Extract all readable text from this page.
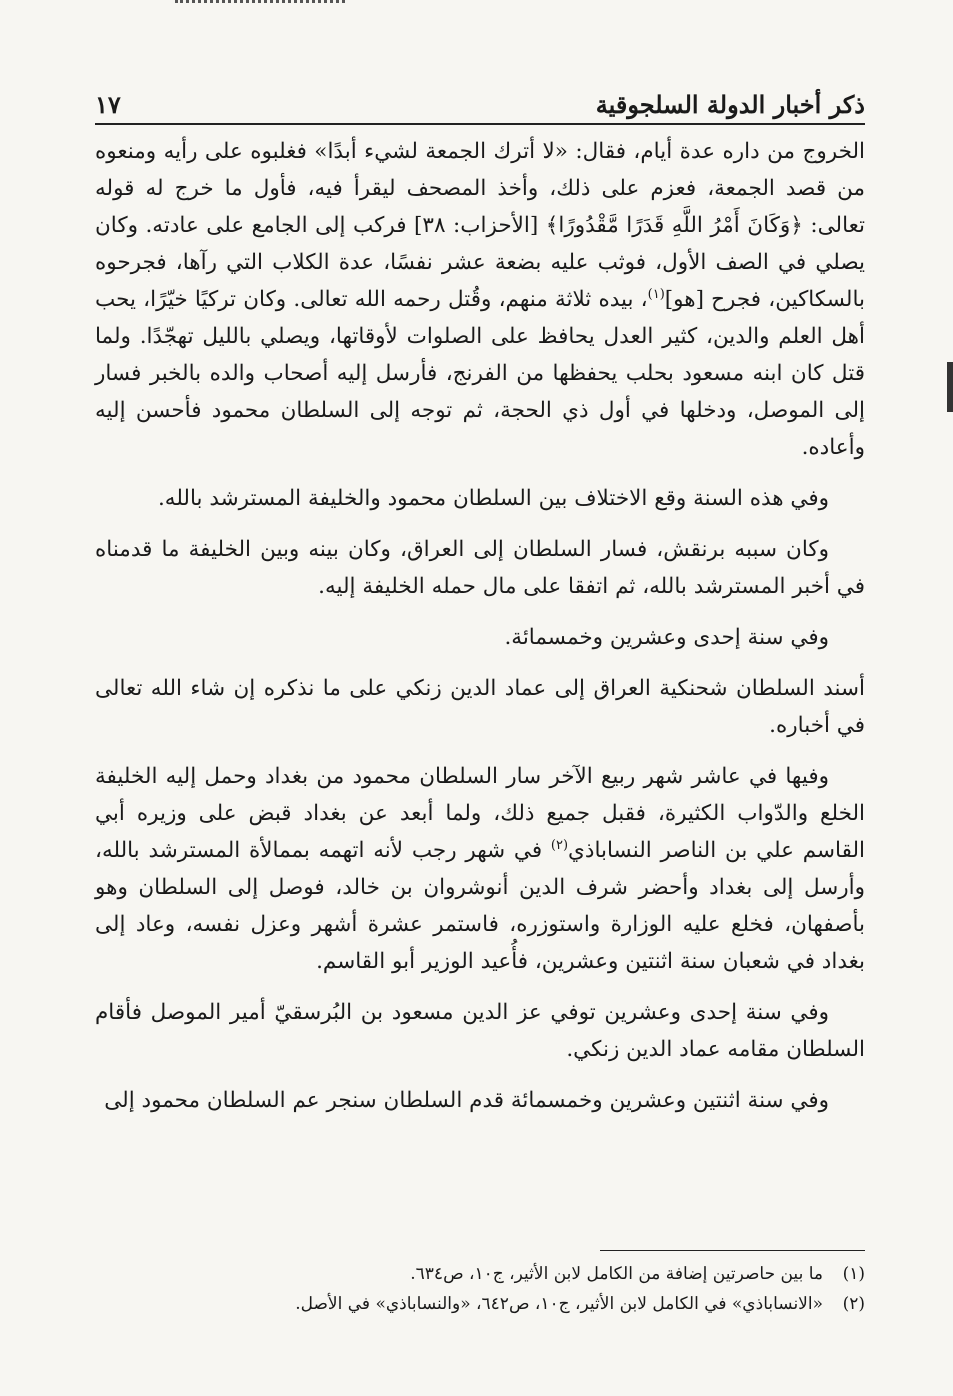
ذكر أخبار الدولة السلجوقية
١٧

الخروج من داره عدة أيام، فقال: «لا أترك الجمعة لشيء أبدًا» فغلبوه على رأيه ومنعوه من قصد الجمعة، فعزم على ذلك، وأخذ المصحف ليقرأ فيه، فأول ما خرج له قوله تعالى: ﴿وَكَانَ أَمْرُ اللَّهِ قَدَرًا مَّقْدُورًا﴾ [الأحزاب: ٣٨] فركب إلى الجامع على عادته. وكان يصلي في الصف الأول، فوثب عليه بضعة عشر نفسًا، عدة الكلاب التي رآها، فجرحوه بالسكاكين، فجرح [هو]$^{(١)}$، بيده ثلاثة منهم، وقُتل رحمه الله تعالى. وكان تركيًا خيّرًا، يحب أهل العلم والدين، كثير العدل يحافظ على الصلوات لأوقاتها، ويصلي بالليل تهجّدًا. ولما قتل كان ابنه مسعود بحلب يحفظها من الفرنج، فأرسل إليه أصحاب والده بالخبر فسار إلى الموصل، ودخلها في أول ذي الحجة، ثم توجه إلى السلطان محمود فأحسن إليه وأعاده.

وفي هذه السنة وقع الاختلاف بين السلطان محمود والخليفة المسترشد بالله.

وكان سببه برنقش، فسار السلطان إلى العراق، وكان بينه وبين الخليفة ما قدمناه في أخبر المسترشد بالله، ثم اتفقا على مال حمله الخليفة إليه.

وفي سنة إحدى وعشرين وخمسمائة.

أسند السلطان شحنكية العراق إلى عماد الدين زنكي على ما نذكره إن شاء الله تعالى في أخباره.

وفيها في عاشر شهر ربيع الآخر سار السلطان محمود من بغداد وحمل إليه الخليفة الخلع والدّواب الكثيرة، فقبل جميع ذلك، ولما أبعد عن بغداد قبض على وزيره أبي القاسم علي بن الناصر النساباذي$^{(٢)}$ في شهر رجب لأنه اتهمه بممالأة المسترشد بالله، وأرسل إلى بغداد وأحضر شرف الدين أنوشروان بن خالد، فوصل إلى السلطان وهو بأصفهان، فخلع عليه الوزارة واستوزره، فاستمر عشرة أشهر وعزل نفسه، وعاد إلى بغداد في شعبان سنة اثنتين وعشرين، فأُعيد الوزير أبو القاسم.

وفي سنة إحدى وعشرين توفي عز الدين مسعود بن البُرسقيّ أمير الموصل فأقام السلطان مقامه عماد الدين زنكي.

وفي سنة اثنتين وعشرين وخمسمائة قدم السلطان سنجر عم السلطان محمود إلى

(١)
ما بين حاصرتين إضافة من الكامل لابن الأثير، ج١٠، ص٦٣٤.
(٢)
«الانساباذي» في الكامل لابن الأثير، ج١٠، ص٦٤٢، «والنساباذي» في الأصل.
